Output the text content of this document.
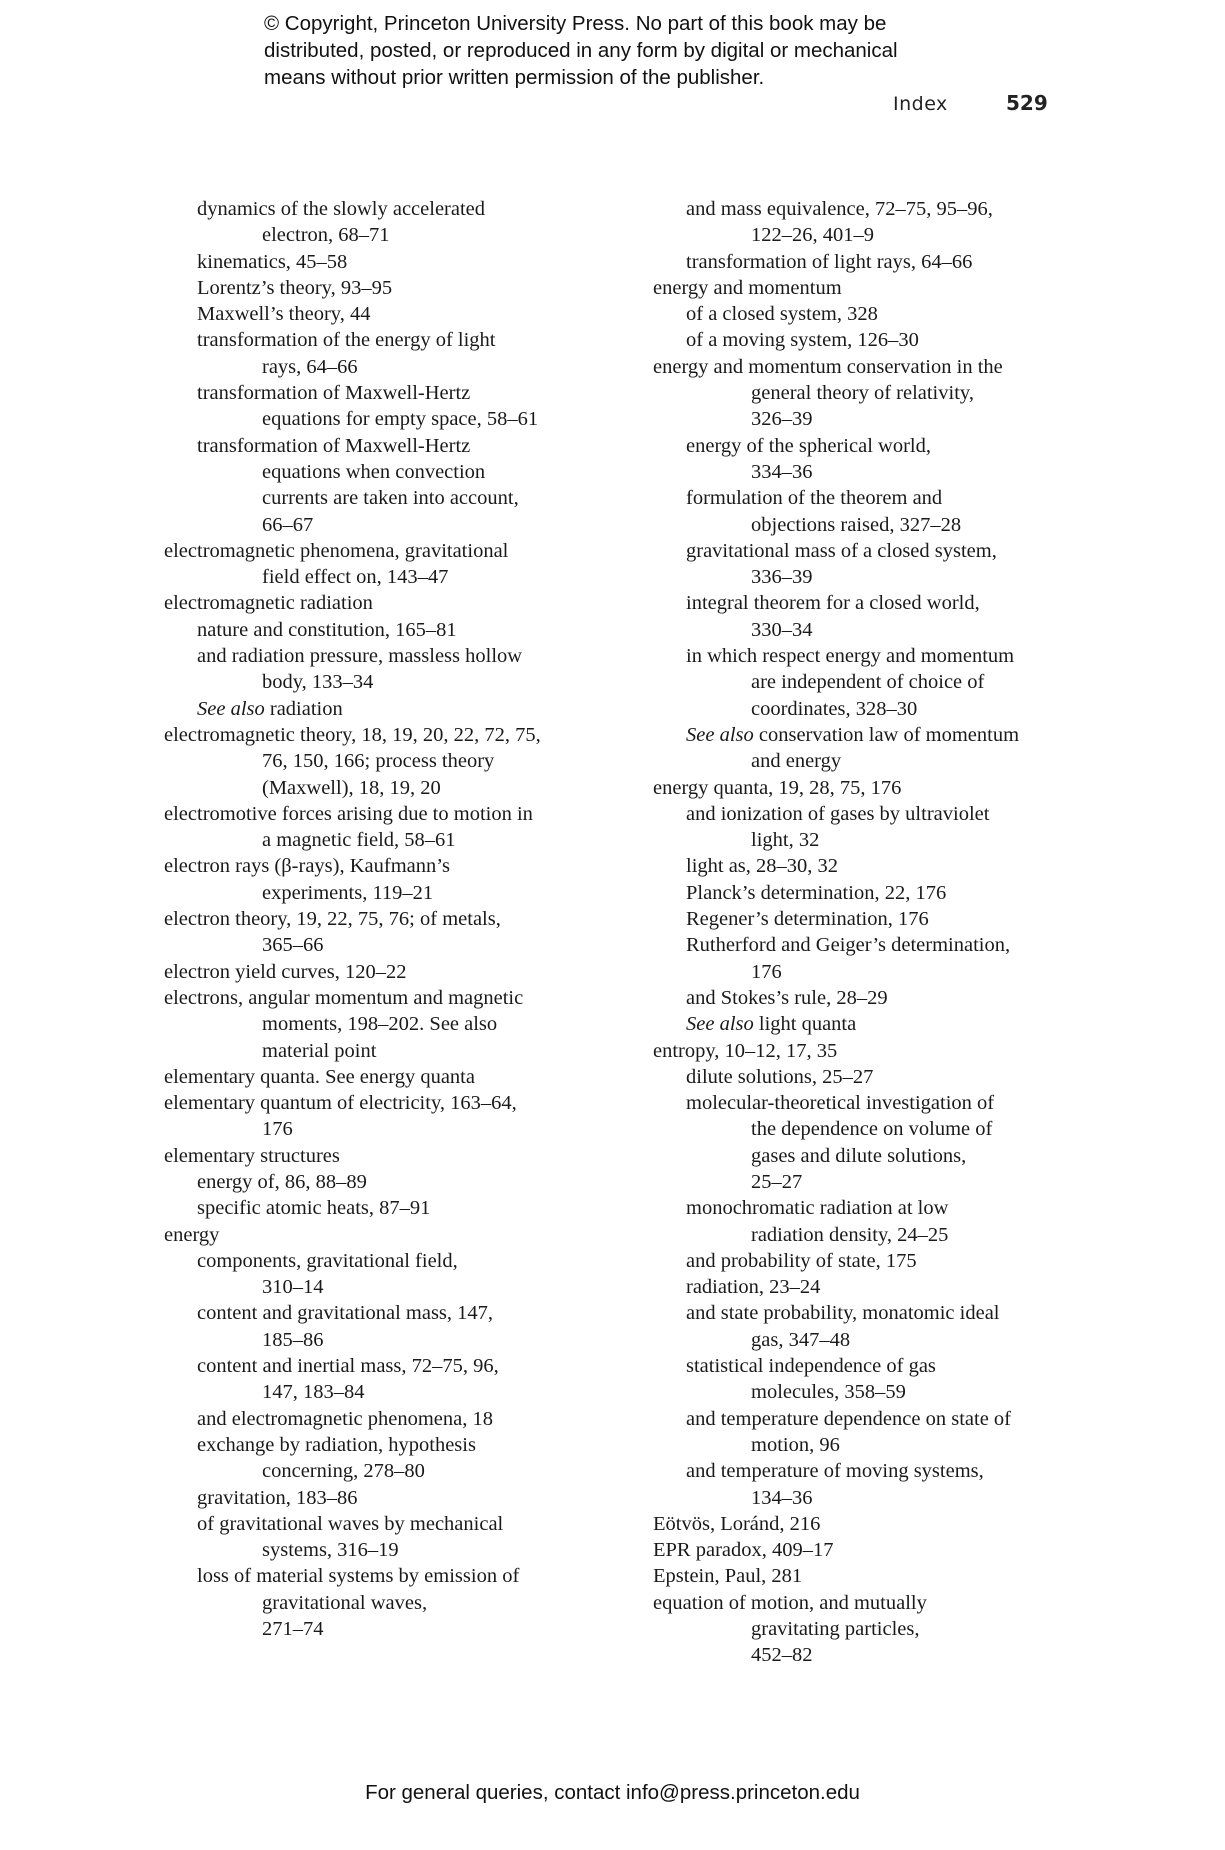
© Copyright, Princeton University Press. No part of this book may be
distributed, posted, or reproduced in any form by digital or mechanical
means without prior written permission of the publisher.
Index	529
dynamics of the slowly accelerated
electron, 68–71
kinematics, 45–58
Lorentz’s theory, 93–95
Maxwell’s theory, 44
transformation of the energy of light
rays, 64–66
transformation of Maxwell-Hertz
equations for empty space, 58–61
transformation of Maxwell-Hertz
equations when convection
currents are taken into account,
66–67
electromagnetic phenomena, gravitational
field effect on, 143–47
electromagnetic radiation
nature and constitution, 165–81
and radiation pressure, massless hollow
body, 133–34
See also radiation
electromagnetic theory, 18, 19, 20, 22, 72, 75,
76, 150, 166; process theory
(Maxwell), 18, 19, 20
electromotive forces arising due to motion in
a magnetic field, 58–61
electron rays (β-rays), Kaufmann’s
experiments, 119–21
electron theory, 19, 22, 75, 76; of metals,
365–66
electron yield curves, 120–22
electrons, angular momentum and magnetic
moments, 198–202. See also
material point
elementary quanta. See energy quanta
elementary quantum of electricity, 163–64,
176
elementary structures
energy of, 86, 88–89
specific atomic heats, 87–91
energy
components, gravitational field,
310–14
content and gravitational mass, 147,
185–86
content and inertial mass, 72–75, 96,
147, 183–84
and electromagnetic phenomena, 18
exchange by radiation, hypothesis
concerning, 278–80
gravitation, 183–86
of gravitational waves by mechanical
systems, 316–19
loss of material systems by emission of
gravitational waves,
271–74
and mass equivalence, 72–75, 95–96,
122–26, 401–9
transformation of light rays, 64–66
energy and momentum
of a closed system, 328
of a moving system, 126–30
energy and momentum conservation in the
general theory of relativity,
326–39
energy of the spherical world,
334–36
formulation of the theorem and
objections raised, 327–28
gravitational mass of a closed system,
336–39
integral theorem for a closed world,
330–34
in which respect energy and momentum
are independent of choice of
coordinates, 328–30
See also conservation law of momentum
and energy
energy quanta, 19, 28, 75, 176
and ionization of gases by ultraviolet
light, 32
light as, 28–30, 32
Planck’s determination, 22, 176
Regener’s determination, 176
Rutherford and Geiger’s determination,
176
and Stokes’s rule, 28–29
See also light quanta
entropy, 10–12, 17, 35
dilute solutions, 25–27
molecular-theoretical investigation of
the dependence on volume of
gases and dilute solutions,
25–27
monochromatic radiation at low
radiation density, 24–25
and probability of state, 175
radiation, 23–24
and state probability, monatomic ideal
gas, 347–48
statistical independence of gas
molecules, 358–59
and temperature dependence on state of
motion, 96
and temperature of moving systems,
134–36
Eötvös, Loránd, 216
EPR paradox, 409–17
Epstein, Paul, 281
equation of motion, and mutually
gravitating particles,
452–82
For general queries, contact info@press.princeton.edu
